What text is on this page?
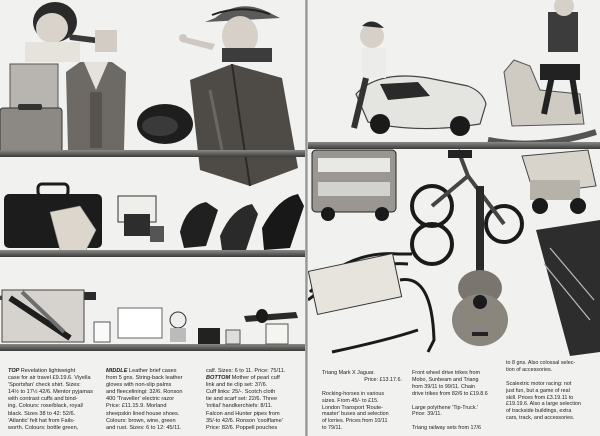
TOP Revelation lightweight
case for air travel £9.19.6. Viyella
'Sportsfan' check shirt. Sizes:
14½ to 17½ 42/6. Mentor pyjamas
with contrast cuffs and bind-
ing. Colours: rose/black, royal/
black. Sizes 38 to 42: 52/6.
'Atlantic' felt hat from Fails-
worth. Colours: bottle green,
MIDDLE Leather brief cases
from 5 gns. String-back leather
gloves with non-slip palms
and fleeceliningi: 32/6. Ronson
400 'Traveller' electric razor
Price: £11.15.9. Morland
sheepskin lined house shoes.
Colours: brown, wine, green
and rust. Sizes: 6 to 12: 45/11.
calf. Sizes: 6 to 11. Price: 75/11.
BOTTOM Mother of pearl cuff
link and tie clip set: 37/6.
Cuff links: 25/-. Scotch cloth
tie and scarf set: 22/6. Three
'initial' handkerchiefs: 8/11.
Falcon and Hunter pipes from
35/-to 42/6. Ronson 'coolflame'
Price: 82/6. Poppell pouches
Triang Mark X Jaguar.
Price: £13.17.6.

Rocking-horses in various
sizes. From 45/- to £15.
London Transport 'Route-
master' buses and selection
of lorries. Prices from 10/11
to 79/11.
Front wheel drive trikes from
Mobo, Sunbeam and Triang
from 39/11 to 99/11. Chain
drive trikes from 82/6 to £19.8.6

Large polythene 'Tip-Truck.'
Price: 39/11.

Triang railway sets from 17/6
to 8 gns. Also colossal selec-
tion of accessories.

Scalextric motor racing: not
just fun, but a game of real
skill. Prices from £3.19.11 to
£19.19.6. Also a large selection
of trackside buildings, extra
cars, track, and accessories.
